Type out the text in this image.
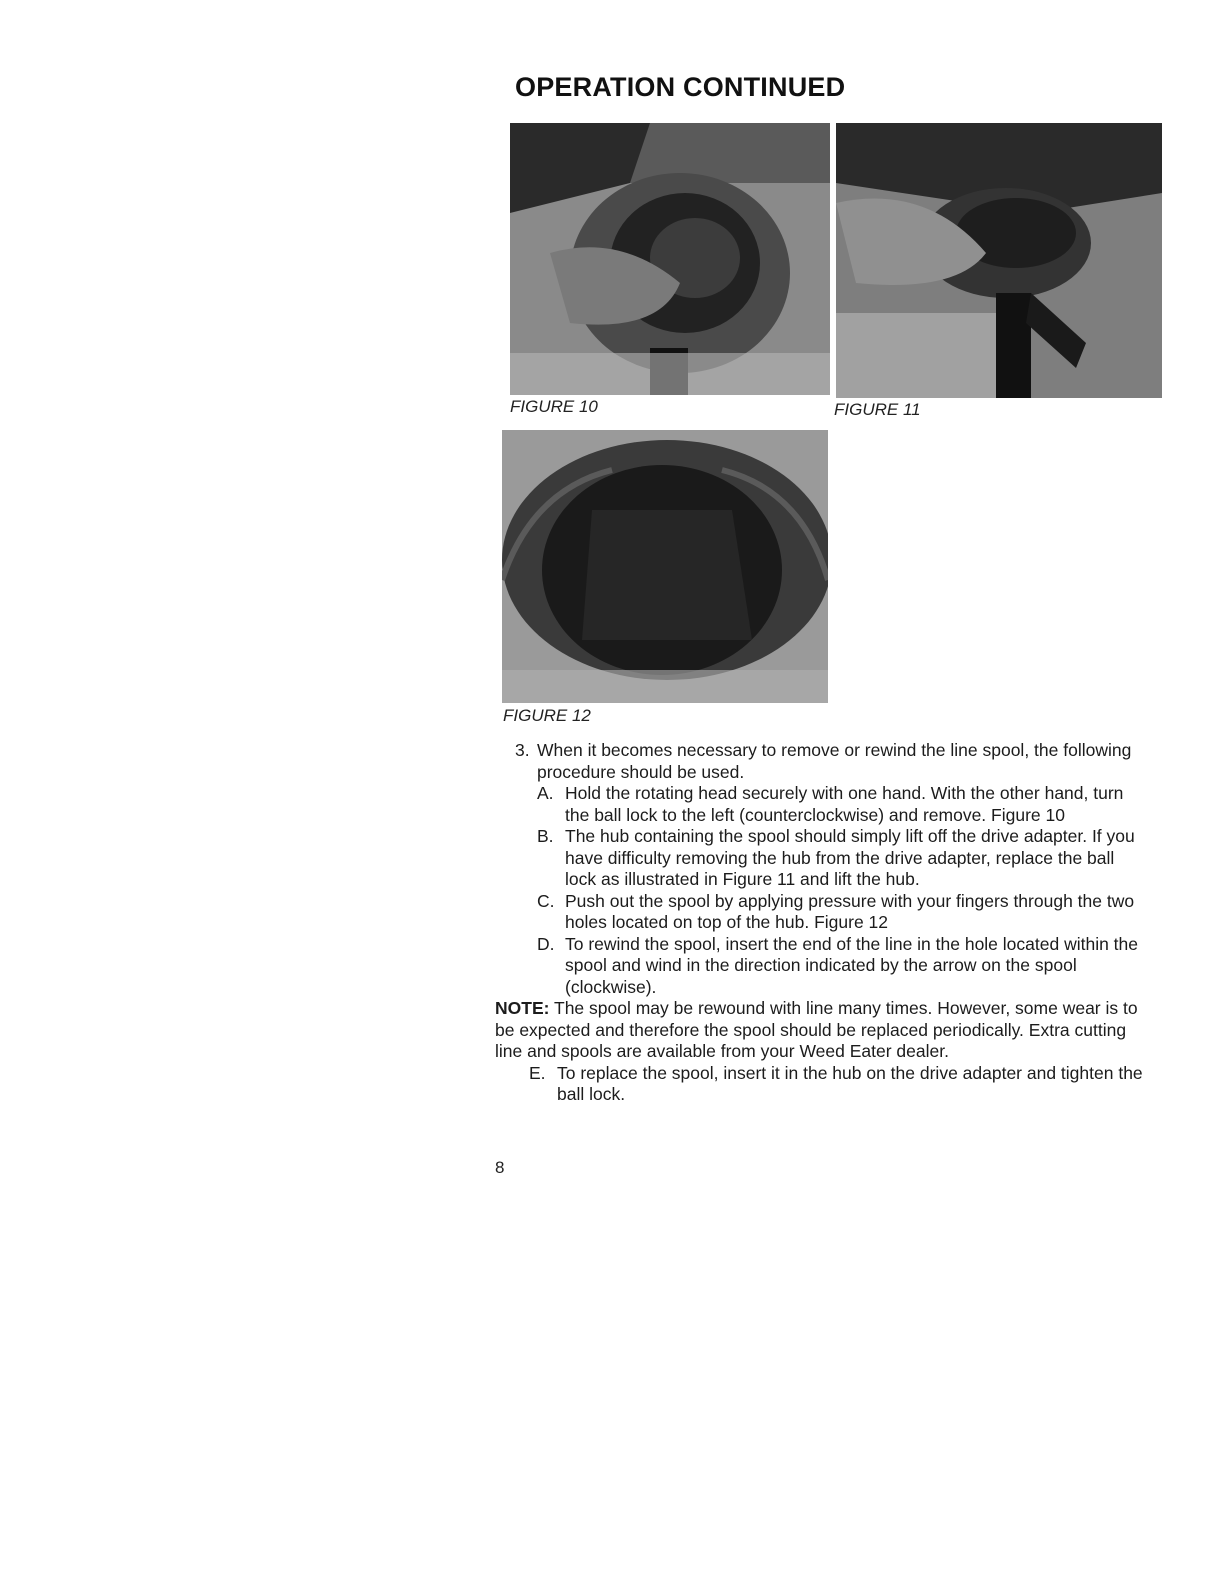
OPERATION CONTINUED
FIGURE 10	FIGURE 11
FIGURE 12

3. When it becomes necessary to remove or rewind the line spool, the following procedure should be used.

A. Hold the rotating head securely with one hand. With the other hand, turn the ball lock to the left (counterclockwise) and remove. Figure 10

B. The hub containing the spool should simply lift off the drive adapter. If you have difficulty removing the hub from the drive adapter, replace the ball lock as illustrated in Figure 11 and lift the hub.

C. Push out the spool by applying pressure with your fingers through the two holes located on top of the hub. Figure 12

D. To rewind the spool, insert the end of the line in the hole located within the spool and wind in the direction indicated by the arrow on the spool (clockwise).

NOTE: The spool may be rewound with line many times. However, some wear is to be expected and therefore the spool should be replaced periodically. Extra cutting line and spools are available from your Weed Eater dealer.

E. To replace the spool, insert it in the hub on the drive adapter and tighten the ball lock.

8
